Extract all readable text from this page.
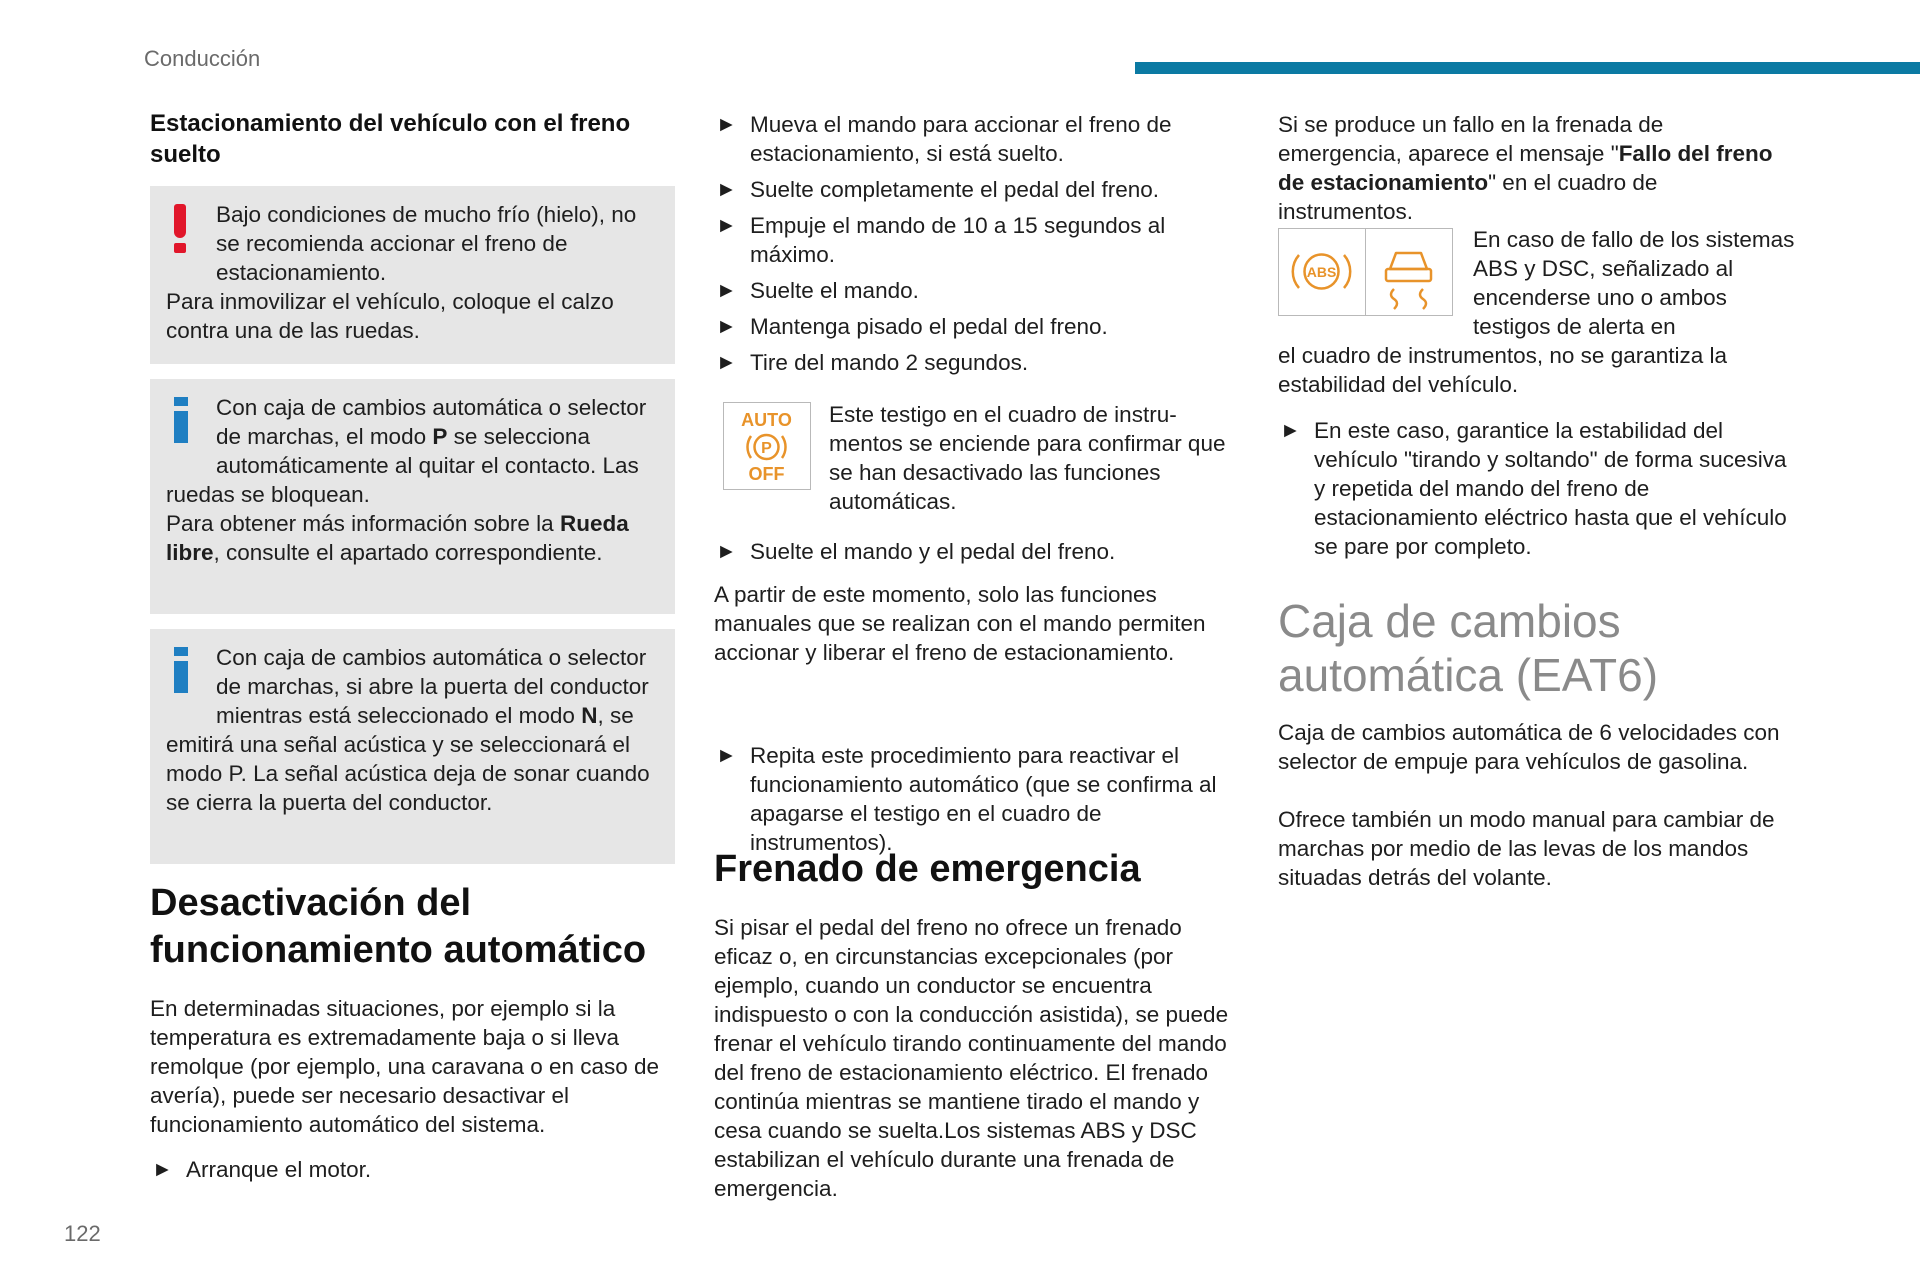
Conducción
122

Estacionamiento del vehículo con el freno suelto

Bajo condiciones de mucho frío (hielo), no se recomienda accionar el freno de estacionamiento.

Para inmovilizar el vehículo, coloque el calzo contra una de las ruedas.

Con caja de cambios automática o selector de marchas, el modo P se selecciona automáticamente al quitar el contacto. Las ruedas se bloquean.

Para obtener más información sobre la Rueda libre, consulte el apartado correspondiente.

Con caja de cambios automática o selector de marchas, si abre la puerta del conductor mientras está seleccionado el modo N, se emitirá una señal acústica y se seleccionará el modo P. La señal acústica deja de sonar cuando se cierra la puerta del conductor.

Desactivación del funcionamiento automático

En determinadas situaciones, por ejemplo si la temperatura es extremadamente baja o si lleva remolque (por ejemplo, una caravana o en caso de avería), puede ser necesario desactivar el funcionamiento automático del sistema.

► Arranque el motor.

► Mueva el mando para accionar el freno de estacionamiento, si está suelto.

► Suelte completamente el pedal del freno.

► Empuje el mando de 10 a 15 segundos al máximo.

► Suelte el mando.

► Mantenga pisado el pedal del freno.

► Tire del mando 2 segundos.

AUTO
P
OFF

Este testigo en el cuadro de instrumentos se enciende para confirmar que se han desactivado las funciones automáticas.

► Suelte el mando y el pedal del freno.

A partir de este momento, solo las funciones manuales que se realizan con el mando permiten accionar y liberar el freno de estacionamiento.

► Repita este procedimiento para reactivar el funcionamiento automático (que se confirma al apagarse el testigo en el cuadro de instrumentos).

Frenado de emergencia

Si pisar el pedal del freno no ofrece un frenado eficaz o, en circunstancias excepcionales (por ejemplo, cuando un conductor se encuentra indispuesto o con la conducción asistida), se puede frenar el vehículo tirando continuamente del mando del freno de estacionamiento eléctrico. El frenado continúa mientras se mantiene tirado el mando y cesa cuando se suelta.Los sistemas ABS y DSC estabilizan el vehículo durante una frenada de emergencia.

Si se produce un fallo en la frenada de emergencia, aparece el mensaje "Fallo del freno de estacionamiento" en el cuadro de instrumentos.

ABS

En caso de fallo de los sistemas ABS y DSC, señalizado al encenderse uno o ambos testigos de alerta en

el cuadro de instrumentos, no se garantiza la estabilidad del vehículo.

► En este caso, garantice la estabilidad del vehículo "tirando y soltando" de forma sucesiva y repetida del mando del freno de estacionamiento eléctrico hasta que el vehículo se pare por completo.

Caja de cambios automática (EAT6)

Caja de cambios automática de 6 velocidades con selector de empuje para vehículos de gasolina.

Ofrece también un modo manual para cambiar de marchas por medio de las levas de los mandos situadas detrás del volante.
